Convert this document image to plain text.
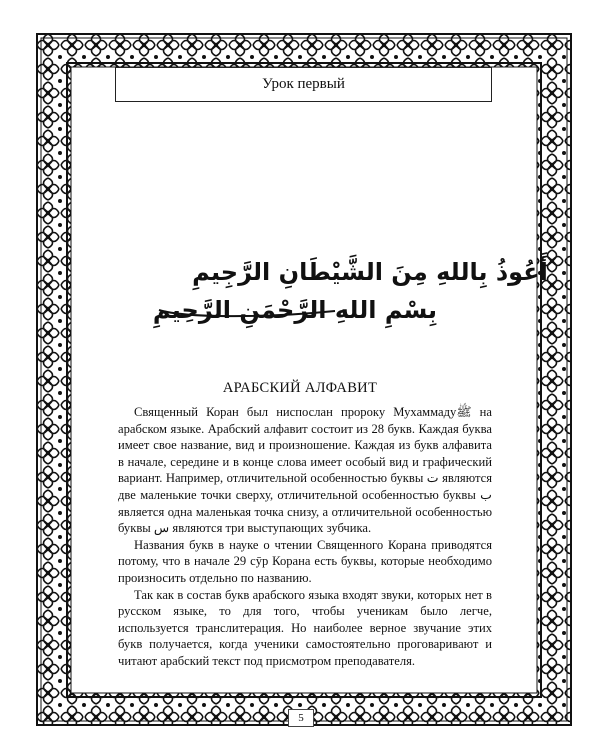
Урок первый
أَعُوذُ بِاللهِ مِنَ الشَّيْطَانِ الرَّجِيمِ
بِسْمِ اللهِ الرَّحْمَنِ الرَّحِيمِ
АРАБСКИЙ АЛФАВИТ

Священный Коран был ниспослан пророку Мухаммадуﷺ на арабском языке. Арабский алфавит состоит из 28 букв. Каждая буква имеет свое название, вид и произношение. Каждая из букв алфавита в начале, середине и в конце слова имеет особый вид и графический вариант. Например, отличительной особенностью буквы ت являются две маленькие точки сверху, отличительной особенностью буквы ب является одна маленькая точка снизу, а отличительной особенностью буквы س являются три выступающих зубчика.

Названия букв в науке о чтении Священного Корана приводятся потому, что в начале 29 сӯр Корана есть буквы, которые необходимо произносить отдельно по названию.

Так как в состав букв арабского языка входят звуки, которых нет в русском языке, то для того, чтобы ученикам было легче, используется транслитерация. Но наиболее верное звучание этих букв получается, когда ученики самостоятельно проговаривают и читают арабский текст под присмотром преподавателя.

5
